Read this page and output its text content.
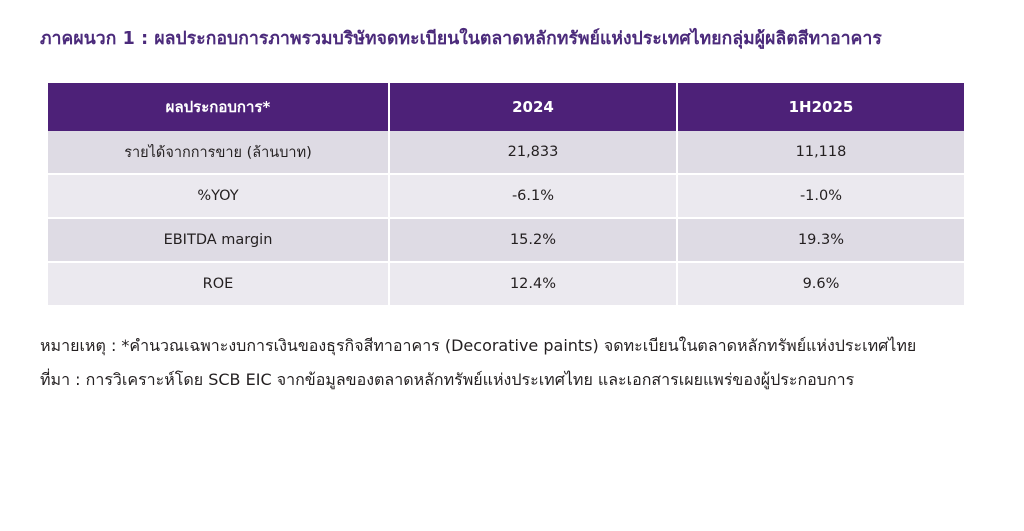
ภาคผนวก 1 : ผลประกอบการภาพรวมบริษัทจดทะเบียนในตลาดหลักทรัพย์แห่งประเทศไทยกลุ่มผู้ผลิตสีทาอาคาร
ผลประกอบการ*	2024	1H2025
รายได้จากการขาย (ล้านบาท)	21,833	11,118
%YOY	-6.1%	-1.0%
EBITDA margin	15.2%	19.3%
ROE	12.4%	9.6%

หมายเหตุ : *คำนวณเฉพาะงบการเงินของธุรกิจสีทาอาคาร (Decorative paints) จดทะเบียนในตลาดหลักทรัพย์แห่งประเทศไทย

ที่มา : การวิเคราะห์โดย SCB EIC จากข้อมูลของตลาดหลักทรัพย์แห่งประเทศไทย และเอกสารเผยแพร่ของผู้ประกอบการ
